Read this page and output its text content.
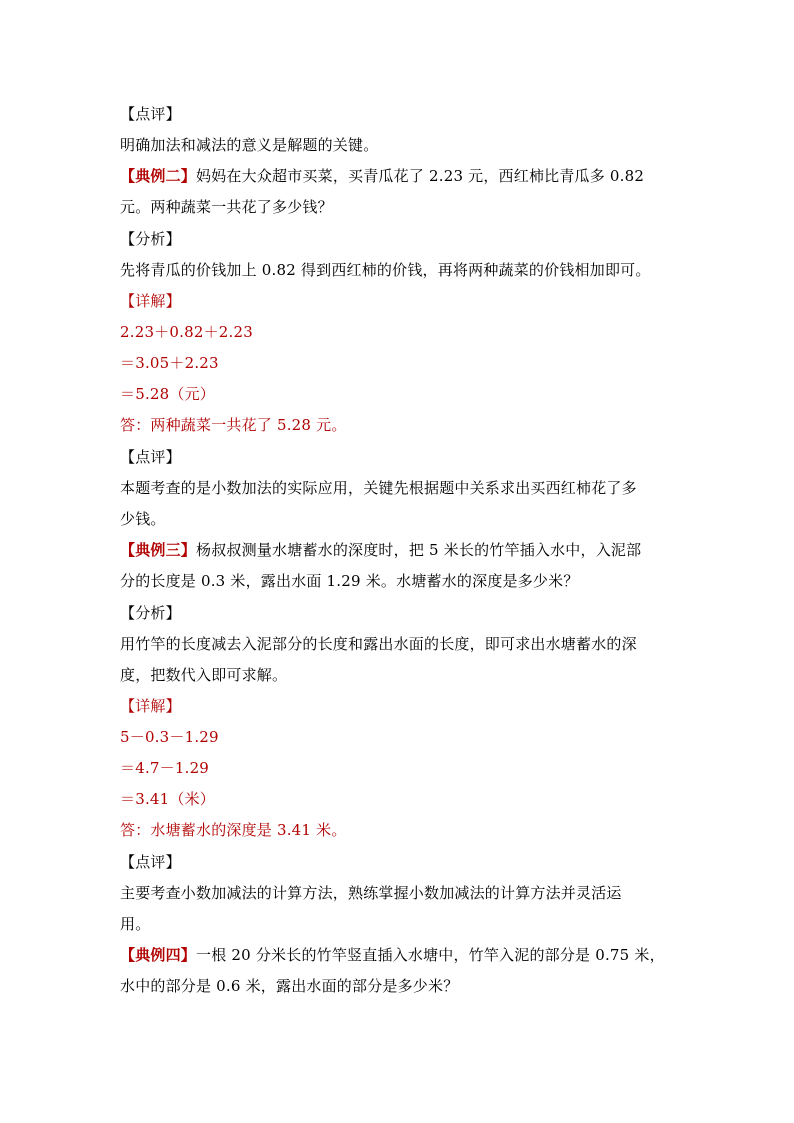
【点评】
明确加法和减法的意义是解题的关键。
【典例二】妈妈在大众超市买菜，买青瓜花了 2.23 元，西红柿比青瓜多 0.82
元。两种蔬菜一共花了多少钱？
【分析】
先将青瓜的价钱加上 0.82 得到西红柿的价钱，再将两种蔬菜的价钱相加即可。
【详解】
2.23＋0.82＋2.23
＝3.05＋2.23
＝5.28（元）
答：两种蔬菜一共花了 5.28 元。
【点评】
本题考查的是小数加法的实际应用，关键先根据题中关系求出买西红柿花了多
少钱。
【典例三】杨叔叔测量水塘蓄水的深度时，把 5 米长的竹竿插入水中，入泥部
分的长度是 0.3 米，露出水面 1.29 米。水塘蓄水的深度是多少米？
【分析】
用竹竿的长度减去入泥部分的长度和露出水面的长度，即可求出水塘蓄水的深
度，把数代入即可求解。
【详解】
5－0.3－1.29
＝4.7－1.29
＝3.41（米）
答：水塘蓄水的深度是 3.41 米。
【点评】
主要考查小数加减法的计算方法，熟练掌握小数加减法的计算方法并灵活运
用。
【典例四】一根 20 分米长的竹竿竖直插入水塘中，竹竿入泥的部分是 0.75 米，
水中的部分是 0.6 米，露出水面的部分是多少米？
